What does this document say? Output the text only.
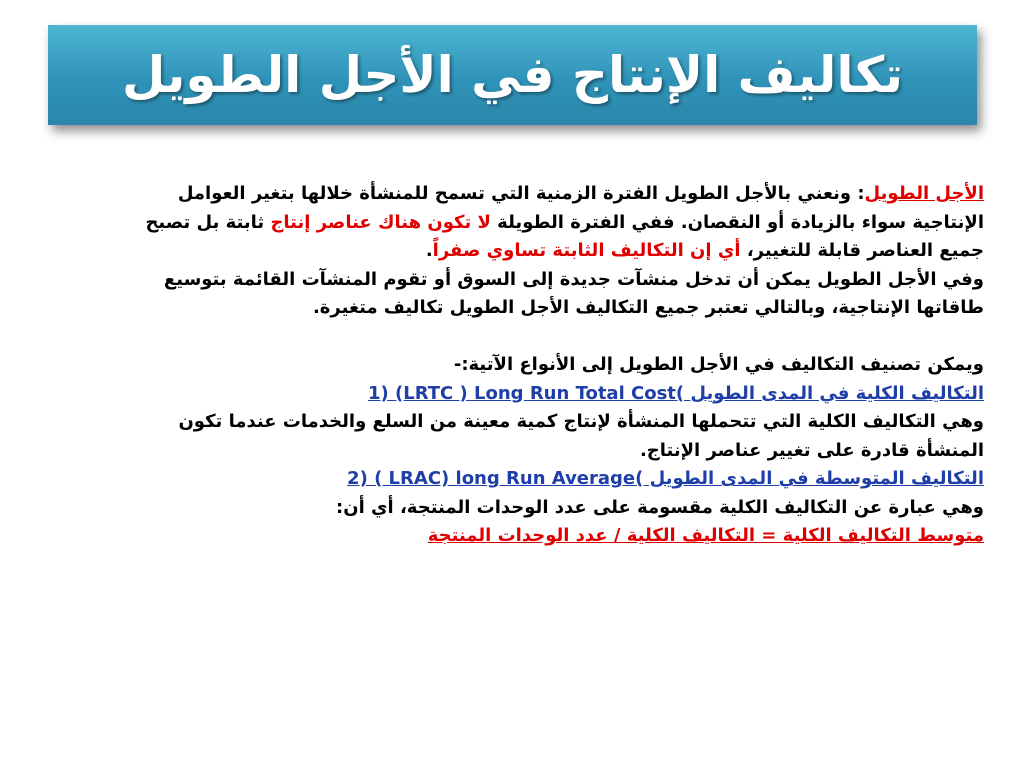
تكاليف الإنتاج في الأجل الطويل
الأجل الطويل: ونعني بالأجل الطويل الفترة الزمنية التي تسمح للمنشأة خلالها بتغير العوامل
الإنتاجية سواء بالزيادة أو النقصان. ففي الفترة الطويلة لا تكون هناك عناصر إنتاج ثابتة بل تصبح
جميع العناصر قابلة للتغيير، أي إن التكاليف الثابتة تساوي صفراً.
وفي الأجل الطويل يمكن أن تدخل منشآت جديدة إلى السوق أو تقوم المنشآت القائمة بتوسيع
طاقاتها الإنتاجية، وبالتالي تعتبر جميع التكاليف الأجل الطويل تكاليف متغيرة.
ويمكن تصنيف التكاليف في الأجل الطويل إلى الأنواع الآتية:-
التكاليف الكلية في المدى الطويل )1) (LRTC ) Long Run Total Cost
وهي التكاليف الكلية التي تتحملها المنشأة لإنتاج كمية معينة من السلع والخدمات عندما تكون
المنشأة قادرة على تغيير عناصر الإنتاج.
التكاليف المتوسطة في المدى الطويل )2) ( LRAC) long Run Average
وهي عبارة عن التكاليف الكلية مقسومة على عدد الوحدات المنتجة، أي أن:
متوسط التكاليف الكلية = التكاليف الكلية / عدد الوحدات المنتجة
